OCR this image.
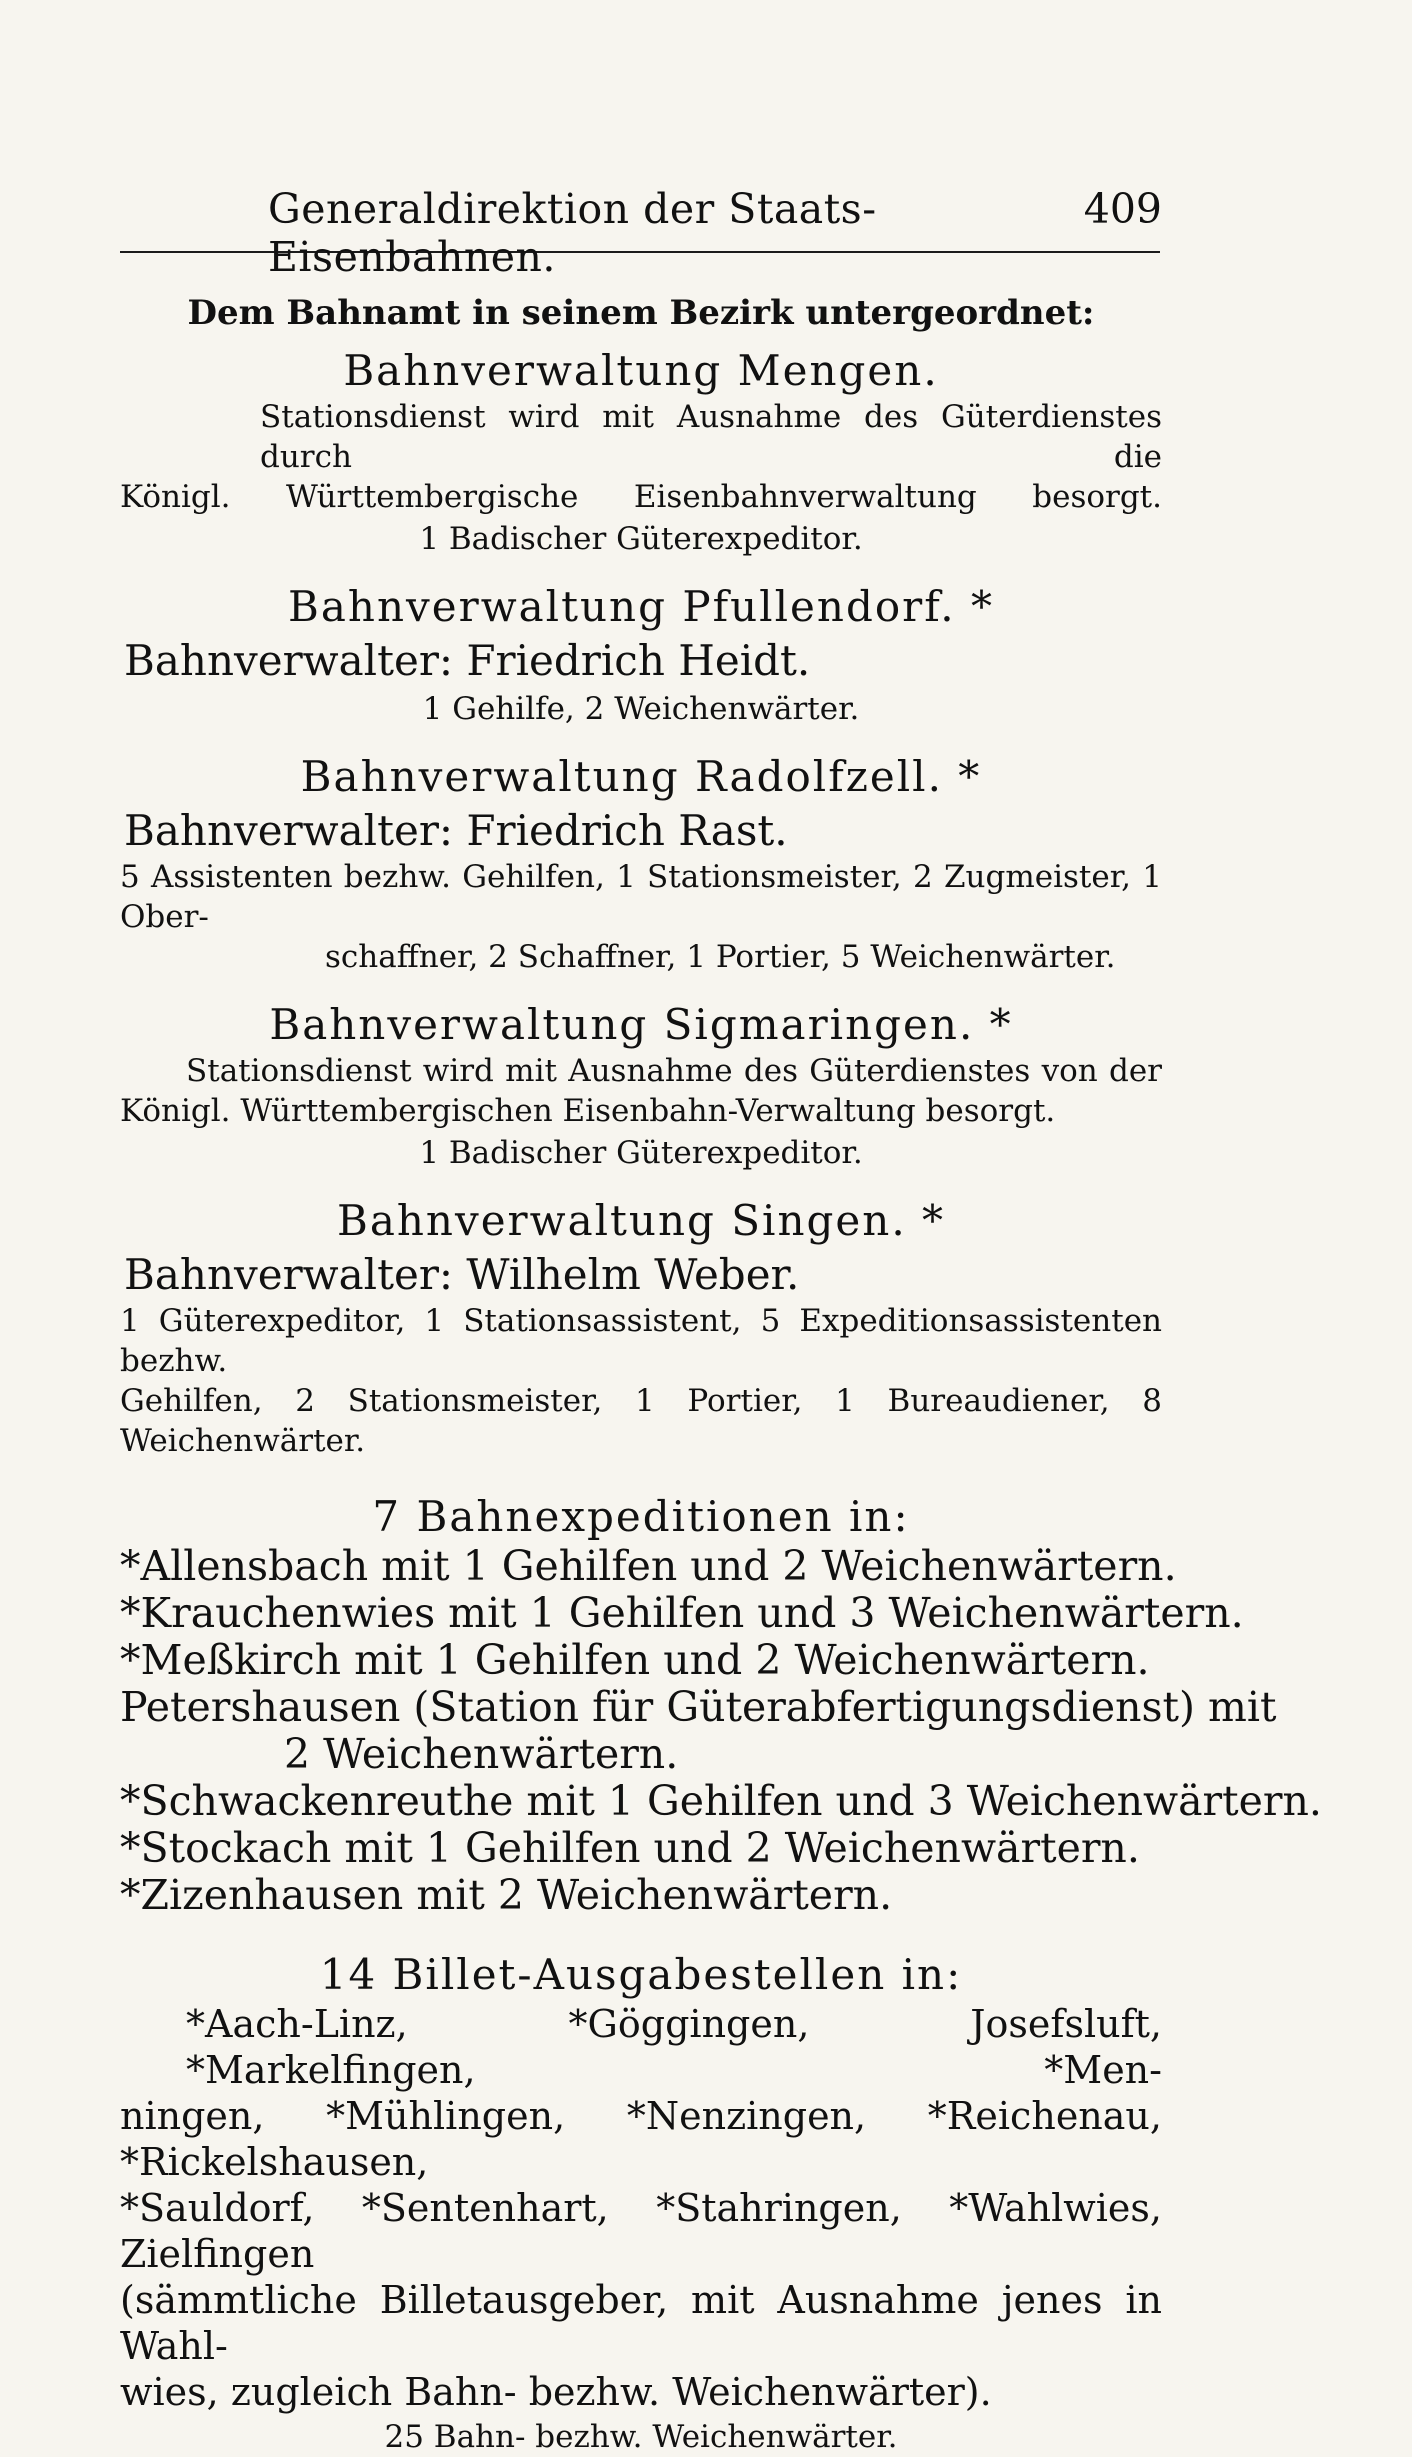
Generaldirektion der Staats-Eisenbahnen.
409
Dem Bahnamt in seinem Bezirk untergeordnet:
Bahnverwaltung Mengen.
Stationsdienst wird mit Ausnahme des Güterdienstes durch die
Königl. Württembergische Eisenbahnverwaltung besorgt.
1 Badischer Güterexpeditor.
Bahnverwaltung Pfullendorf. *
Bahnverwalter: Friedrich Heidt.
1 Gehilfe, 2 Weichenwärter.
Bahnverwaltung Radolfzell. *
Bahnverwalter: Friedrich Rast.
5 Assistenten bezhw. Gehilfen, 1 Stationsmeister, 2 Zugmeister, 1 Ober-
schaffner, 2 Schaffner, 1 Portier, 5 Weichenwärter.
Bahnverwaltung Sigmaringen. *
Stationsdienst wird mit Ausnahme des Güterdienstes von der
Königl. Württembergischen Eisenbahn-Verwaltung besorgt.
1 Badischer Güterexpeditor.
Bahnverwaltung Singen. *
Bahnverwalter: Wilhelm Weber.
1 Güterexpeditor, 1 Stationsassistent, 5 Expeditionsassistenten bezhw.
Gehilfen, 2 Stationsmeister, 1 Portier, 1 Bureaudiener, 8 Weichenwärter.
7 Bahnexpeditionen in:
*Allensbach mit 1 Gehilfen und 2 Weichenwärtern.
*Krauchenwies mit 1 Gehilfen und 3 Weichenwärtern.
*Meßkirch mit 1 Gehilfen und 2 Weichenwärtern.
Petershausen (Station für Güterabfertigungsdienst) mit
2 Weichenwärtern.
*Schwackenreuthe mit 1 Gehilfen und 3 Weichenwärtern.
*Stockach mit 1 Gehilfen und 2 Weichenwärtern.
*Zizenhausen mit 2 Weichenwärtern.
14 Billet-Ausgabestellen in:
*Aach-Linz, *Göggingen, Josefsluft, *Markelfingen, *Men-
ningen, *Mühlingen, *Nenzingen, *Reichenau, *Rickelshausen,
*Sauldorf, *Sentenhart, *Stahringen, *Wahlwies, Zielfingen
(sämmtliche Billetausgeber, mit Ausnahme jenes in Wahl-
wies, zugleich Bahn- bezhw. Weichenwärter).
25 Bahn- bezhw. Weichenwärter.
